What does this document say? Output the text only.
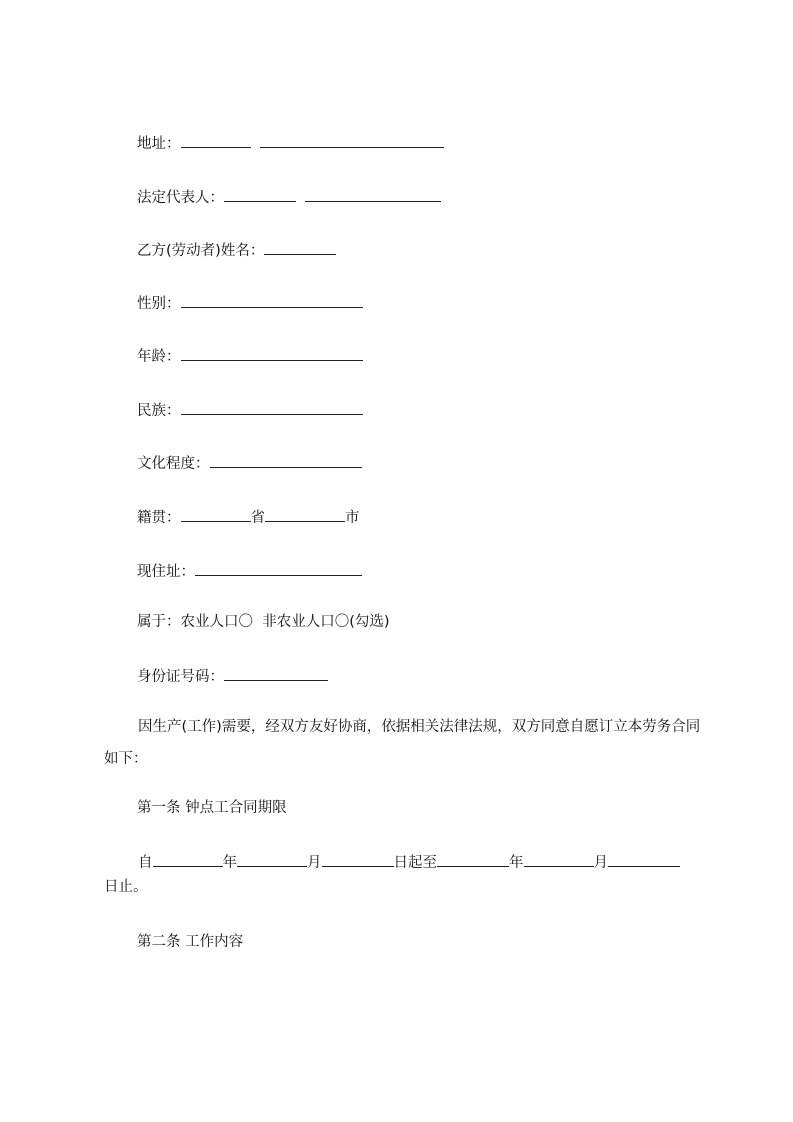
地址：
法定代表人：
乙方(劳动者)姓名：
性别：
年龄：
民族：
文化程度：
籍贯：	省	市
现住址：
属于：农业人口〇 非农业人口〇(勾选)
身份证号码：
因生产(工作)需要，经双方友好协商，依据相关法律法规，双方同意自愿订立本劳务合同如下：
第一条 钟点工合同期限
自	年	月	日起至	年	月
日止。
第二条 工作内容
